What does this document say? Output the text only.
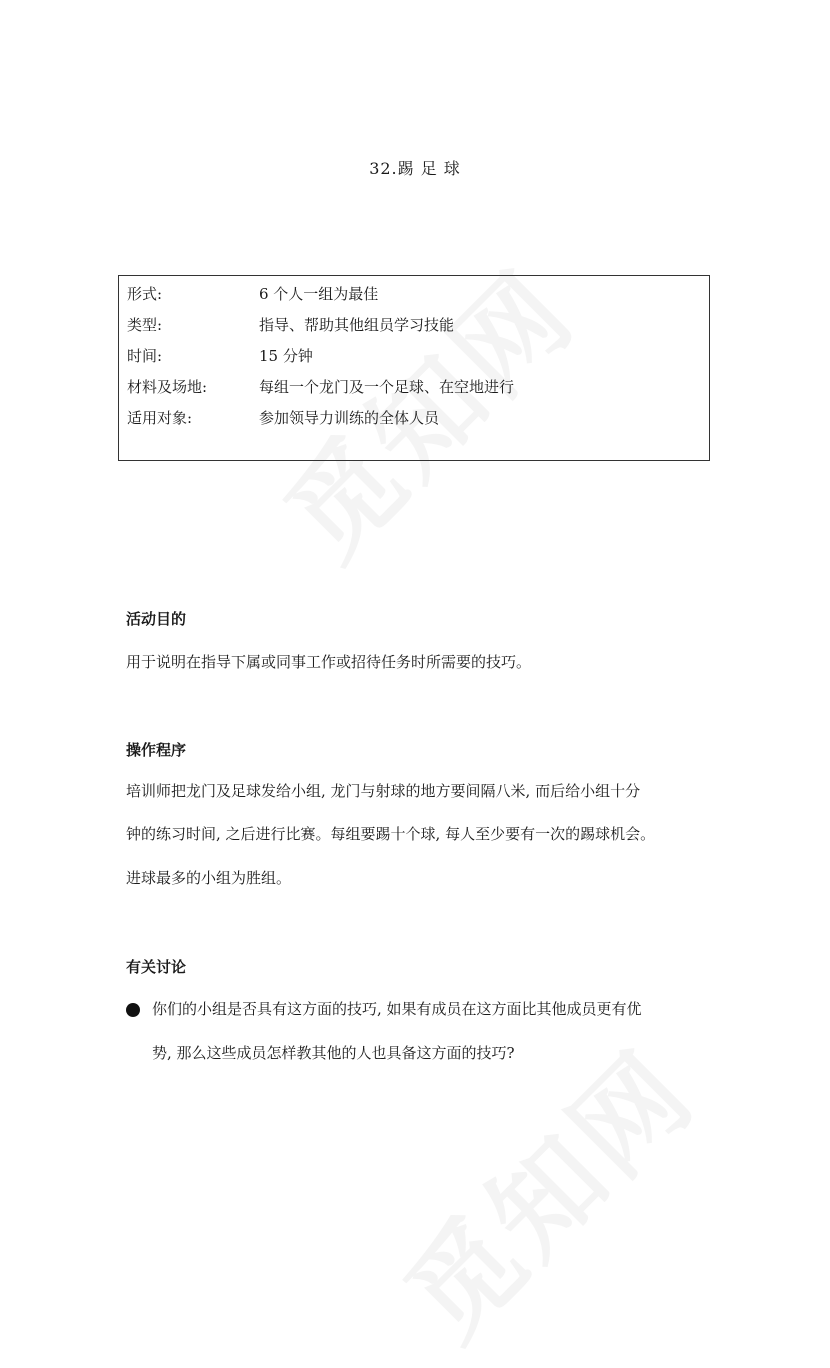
32.踢 足 球
形式:	6 个人一组为最佳
类型:	指导、帮助其他组员学习技能
时间:	15 分钟
材料及场地:	每组一个龙门及一个足球、在空地进行
适用对象:	参加领导力训练的全体人员
活动目的
用于说明在指导下属或同事工作或招待任务时所需要的技巧。
操作程序
培训师把龙门及足球发给小组, 龙门与射球的地方要间隔八米, 而后给小组十分
钟的练习时间, 之后进行比赛。每组要踢十个球, 每人至少要有一次的踢球机会。
进球最多的小组为胜组。
有关讨论
你们的小组是否具有这方面的技巧, 如果有成员在这方面比其他成员更有优
势, 那么这些成员怎样教其他的人也具备这方面的技巧?
